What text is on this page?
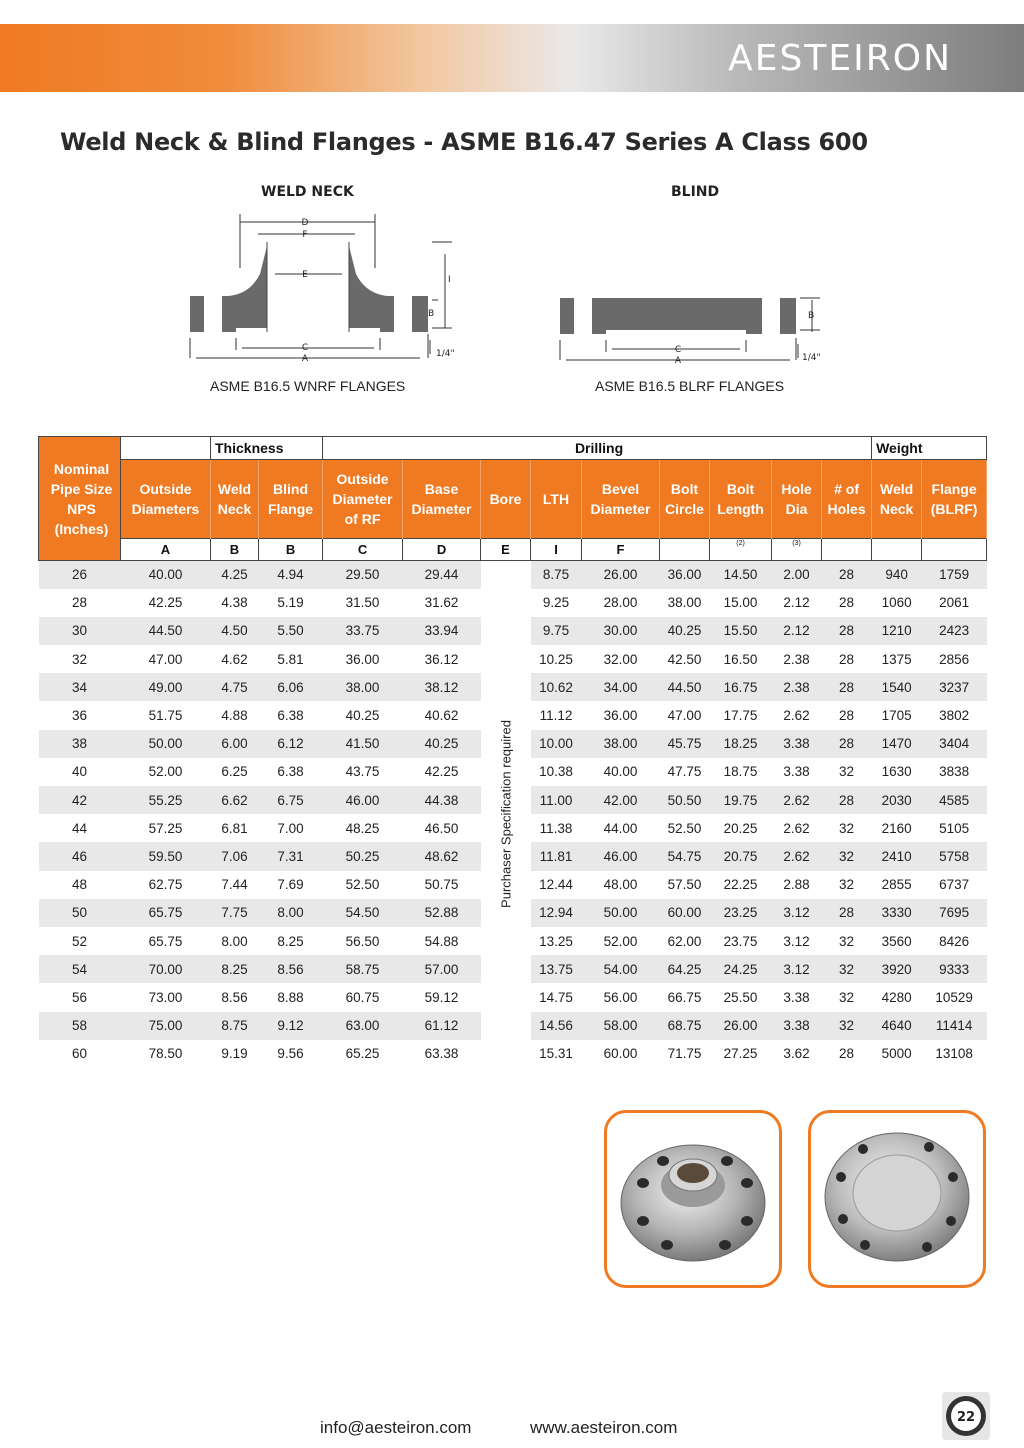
AESTEIRON
Weld Neck & Blind Flanges - ASME B16.47 Series A Class 600
WELD NECK
D
F
E	I
B
C
A	1/4"
ASME B16.5 WNRF FLANGES
BLIND
B
C
A	1/4"
ASME B16.5 BLRF FLANGES
Nominal Pipe Size NPS (Inches)		Thickness		Drilling									Weight	
	Outside Diameters	Weld Neck	Blind Flange	Outside Diameter of RF	Base Diameter	Bore	LTH	Bevel Diameter	Bolt Circle	Bolt Length	Hole Dia	# of Holes	Weld Neck	Flange (BLRF)
	A	B	B	C	D	E	I	F		$^{(2)}$	$^{(3)}$			
26	40.00	4.25	4.94	29.50	29.44	Purchaser Specification required	8.75	26.00	36.00	14.50	2.00	28	940	1759
28	42.25	4.38	5.19	31.50	31.62		9.25	28.00	38.00	15.00	2.12	28	1060	2061
30	44.50	4.50	5.50	33.75	33.94		9.75	30.00	40.25	15.50	2.12	28	1210	2423
32	47.00	4.62	5.81	36.00	36.12		10.25	32.00	42.50	16.50	2.38	28	1375	2856
34	49.00	4.75	6.06	38.00	38.12		10.62	34.00	44.50	16.75	2.38	28	1540	3237
36	51.75	4.88	6.38	40.25	40.62		11.12	36.00	47.00	17.75	2.62	28	1705	3802
38	50.00	6.00	6.12	41.50	40.25		10.00	38.00	45.75	18.25	3.38	28	1470	3404
40	52.00	6.25	6.38	43.75	42.25		10.38	40.00	47.75	18.75	3.38	32	1630	3838
42	55.25	6.62	6.75	46.00	44.38		11.00	42.00	50.50	19.75	2.62	28	2030	4585
44	57.25	6.81	7.00	48.25	46.50		11.38	44.00	52.50	20.25	2.62	32	2160	5105
46	59.50	7.06	7.31	50.25	48.62		11.81	46.00	54.75	20.75	2.62	32	2410	5758
48	62.75	7.44	7.69	52.50	50.75		12.44	48.00	57.50	22.25	2.88	32	2855	6737
50	65.75	7.75	8.00	54.50	52.88		12.94	50.00	60.00	23.25	3.12	28	3330	7695
52	65.75	8.00	8.25	56.50	54.88		13.25	52.00	62.00	23.75	3.12	32	3560	8426
54	70.00	8.25	8.56	58.75	57.00		13.75	54.00	64.25	24.25	3.12	32	3920	9333
56	73.00	8.56	8.88	60.75	59.12		14.75	56.00	66.75	25.50	3.38	32	4280	10529
58	75.00	8.75	9.12	63.00	61.12		14.56	58.00	68.75	26.00	3.38	32	4640	11414
60	78.50	9.19	9.56	65.25	63.38		15.31	60.00	71.75	27.25	3.62	28	5000	13108
info@aesteiron.com	www.aesteiron.com
22
